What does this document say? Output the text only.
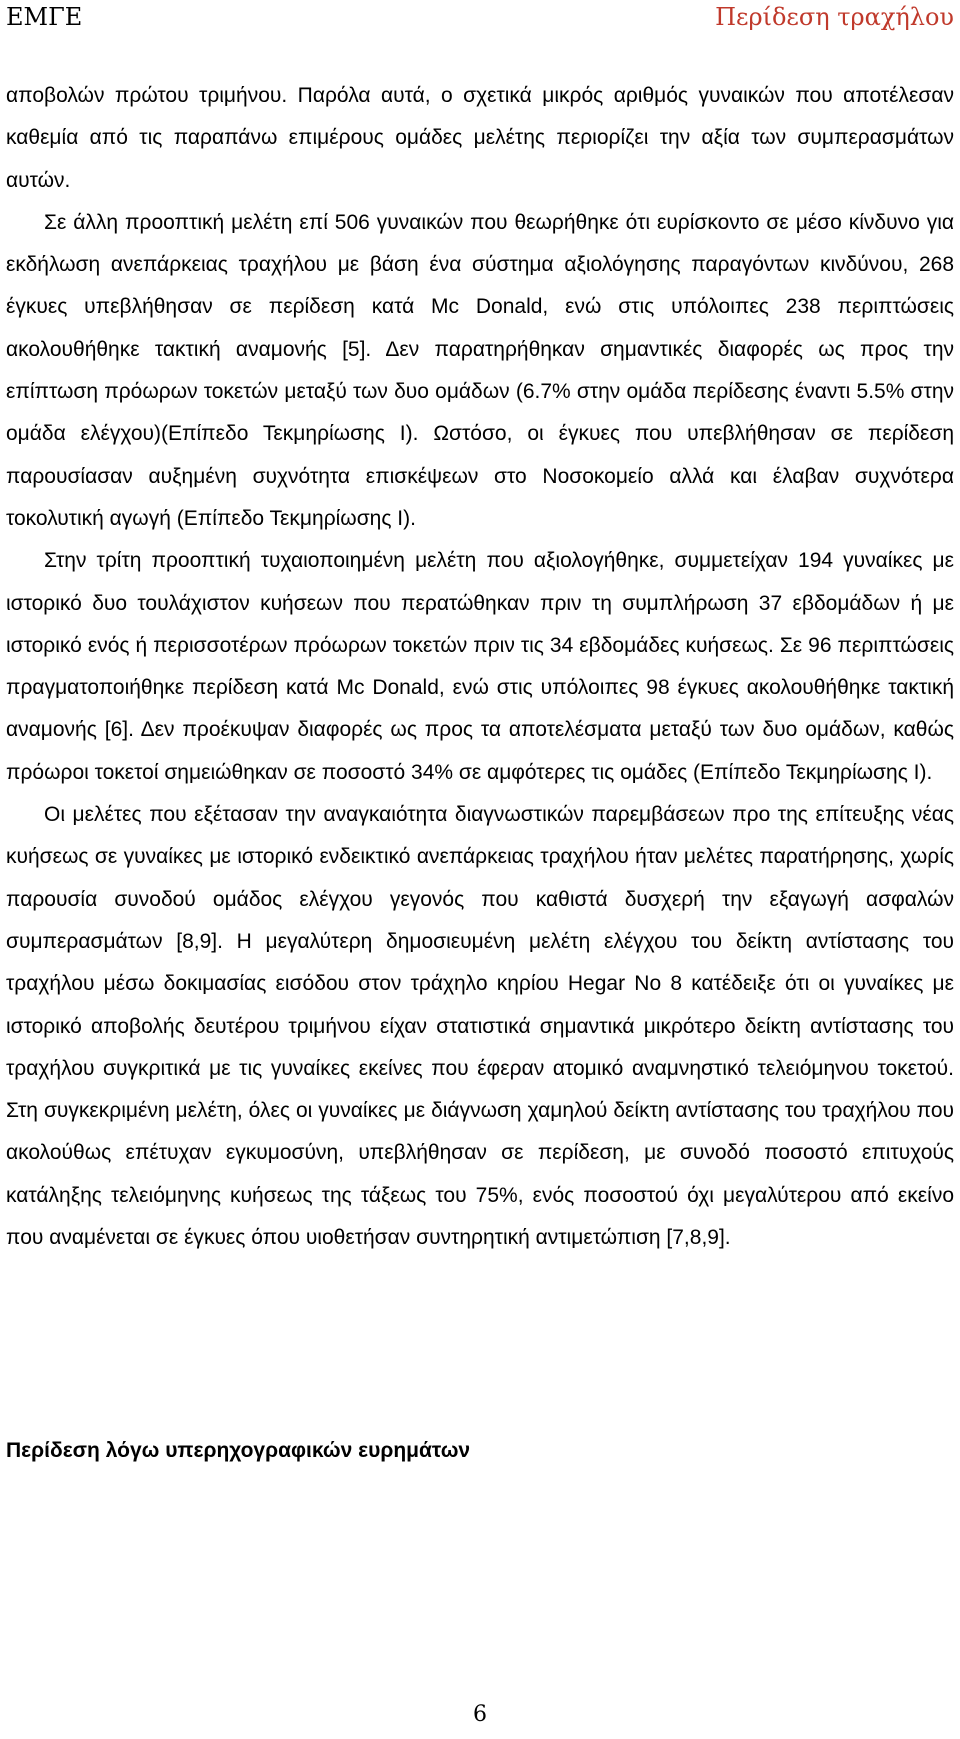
ΕΜΓΕ	Περίδεση τραχήλου

αποβολών πρώτου τριμήνου. Παρόλα αυτά, ο σχετικά μικρός αριθμός γυναικών που αποτέλεσαν καθεμία από τις παραπάνω επιμέρους ομάδες μελέτης περιορίζει την αξία των συμπερασμάτων αυτών.

Σε άλλη προοπτική μελέτη επί 506 γυναικών που θεωρήθηκε ότι ευρίσκοντο σε μέσο κίνδυνο για εκδήλωση ανεπάρκειας τραχήλου με βάση ένα σύστημα αξιολόγησης παραγόντων κινδύνου, 268 έγκυες υπεβλήθησαν σε περίδεση κατά Mc Donald, ενώ στις υπόλοιπες 238 περιπτώσεις ακολουθήθηκε τακτική αναμονής [5]. Δεν παρατηρήθηκαν σημαντικές διαφορές ως προς την επίπτωση πρόωρων τοκετών μεταξύ των δυο ομάδων (6.7% στην ομάδα περίδεσης έναντι 5.5% στην ομάδα ελέγχου)(Επίπεδο Τεκμηρίωσης I). Ωστόσο, οι έγκυες που υπεβλήθησαν σε περίδεση παρουσίασαν αυξημένη συχνότητα επισκέψεων στο Νοσοκομείο αλλά και έλαβαν συχνότερα τοκολυτική αγωγή (Επίπεδο Τεκμηρίωσης I).

Στην τρίτη προοπτική τυχαιοποιημένη μελέτη που αξιολογήθηκε, συμμετείχαν 194 γυναίκες με ιστορικό δυο τουλάχιστον κυήσεων που περατώθηκαν πριν τη συμπλήρωση 37 εβδομάδων ή με ιστορικό ενός ή περισσοτέρων πρόωρων τοκετών πριν τις 34 εβδομάδες κυήσεως. Σε 96 περιπτώσεις πραγματοποιήθηκε περίδεση κατά Mc Donald, ενώ στις υπόλοιπες 98 έγκυες ακολουθήθηκε τακτική αναμονής [6]. Δεν προέκυψαν διαφορές ως προς τα αποτελέσματα μεταξύ των δυο ομάδων, καθώς πρόωροι τοκετοί σημειώθηκαν σε ποσοστό 34% σε αμφότερες τις ομάδες (Επίπεδο Τεκμηρίωσης I).

Οι μελέτες που εξέτασαν την αναγκαιότητα διαγνωστικών παρεμβάσεων προ της επίτευξης νέας κυήσεως σε γυναίκες με ιστορικό ενδεικτικό ανεπάρκειας τραχήλου ήταν μελέτες παρατήρησης, χωρίς παρουσία συνοδού ομάδος ελέγχου γεγονός που καθιστά δυσχερή την εξαγωγή ασφαλών συμπερασμάτων [8,9]. Η μεγαλύτερη δημοσιευμένη μελέτη ελέγχου του δείκτη αντίστασης του τραχήλου μέσω δοκιμασίας εισόδου στον τράχηλο κηρίου Hegar No 8 κατέδειξε ότι οι γυναίκες με ιστορικό αποβολής δευτέρου τριμήνου είχαν στατιστικά σημαντικά μικρότερο δείκτη αντίστασης του τραχήλου συγκριτικά με τις γυναίκες εκείνες που έφεραν ατομικό αναμνηστικό τελειόμηνου τοκετού. Στη συγκεκριμένη μελέτη, όλες οι γυναίκες με διάγνωση χαμηλού δείκτη αντίστασης του τραχήλου που ακολούθως επέτυχαν εγκυμοσύνη, υπεβλήθησαν σε περίδεση, με συνοδό ποσοστό επιτυχούς κατάληξης τελειόμηνης κυήσεως της τάξεως του 75%, ενός ποσοστού όχι μεγαλύτερου από εκείνο που αναμένεται σε έγκυες όπου υιοθετήσαν συντηρητική αντιμετώπιση [7,8,9].

Περίδεση λόγω υπερηχογραφικών ευρημάτων
6
